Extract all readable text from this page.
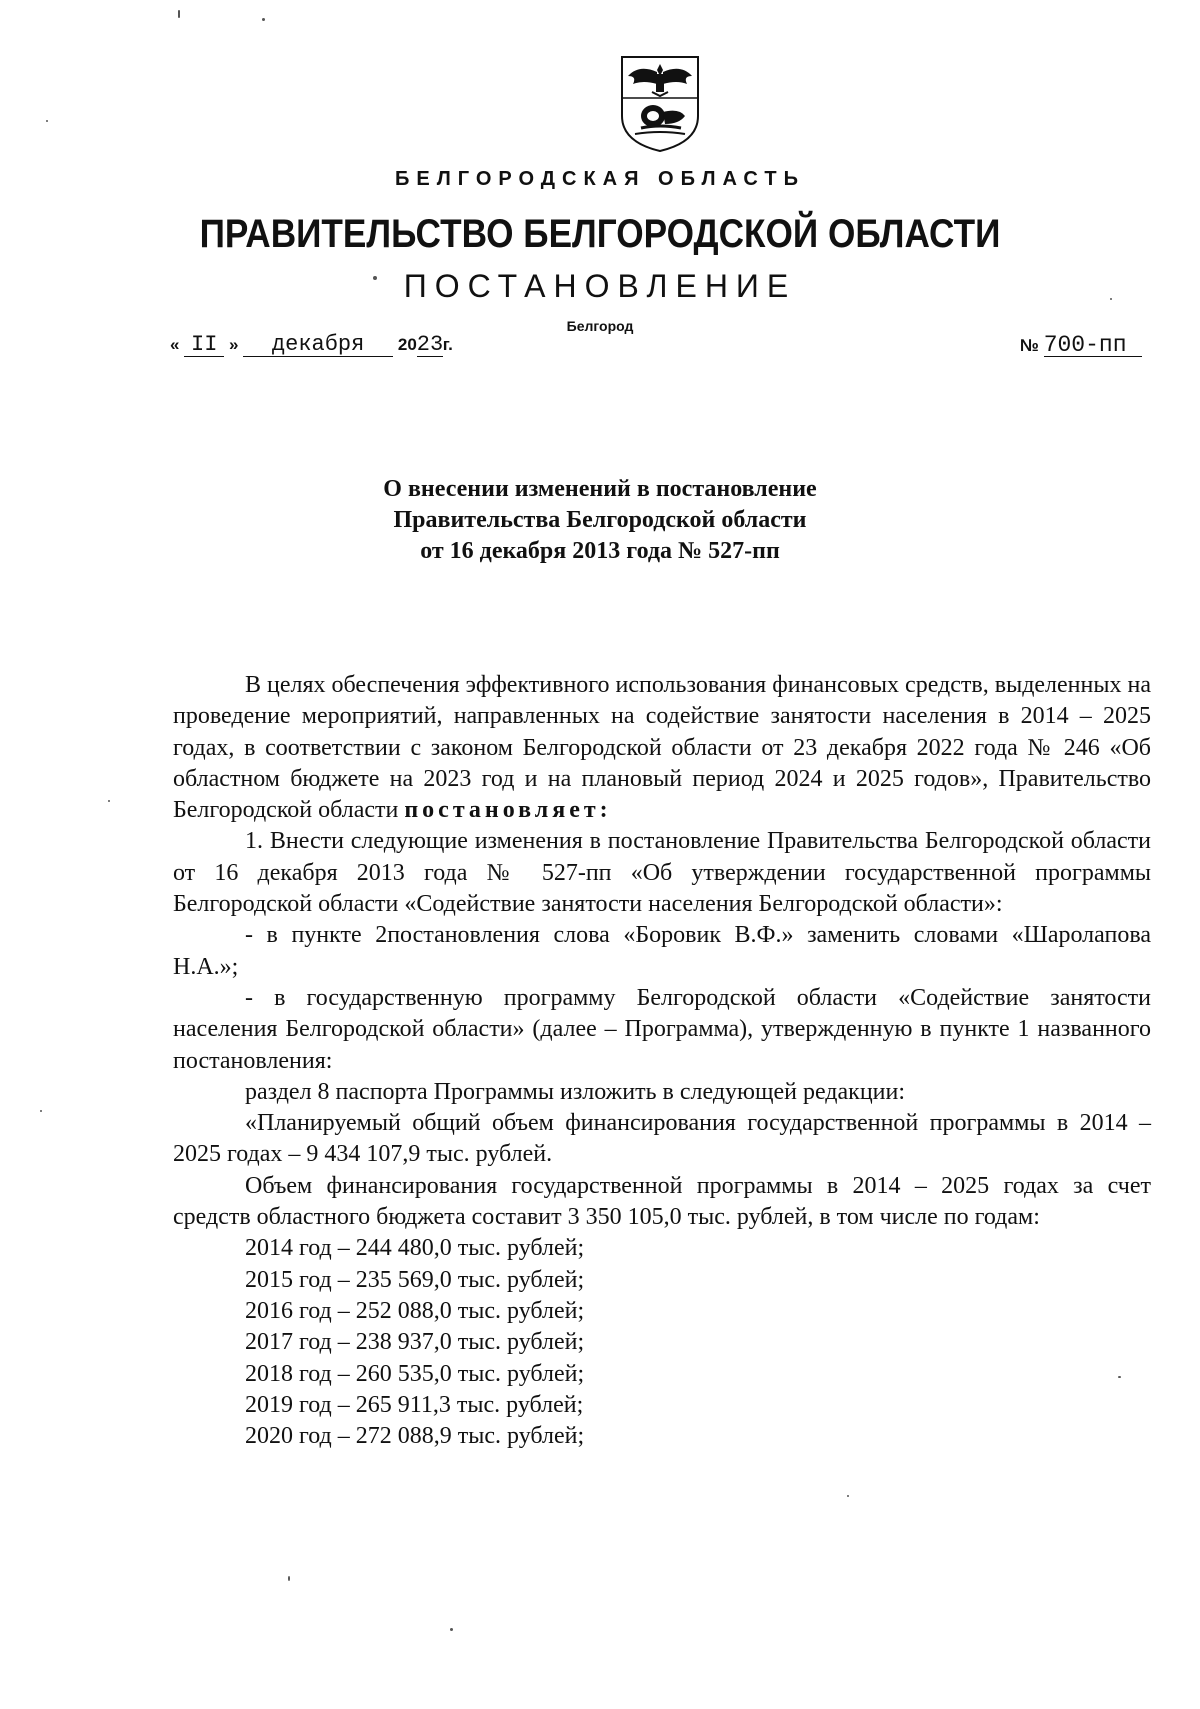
БЕЛГОРОДСКАЯ ОБЛАСТЬ
ПРАВИТЕЛЬСТВО БЕЛГОРОДСКОЙ ОБЛАСТИ
ПОСТАНОВЛЕНИЕ
Белгород
« II » декабря 2023г.	№ 700-пп
О внесении изменений в постановление
Правительства Белгородской области
от 16 декабря 2013 года № 527-пп

В целях обеспечения эффективного использования финансовых средств, выделенных на проведение мероприятий, направленных на содействие занятости населения в 2014 – 2025 годах, в соответствии с законом Белгородской области от 23 декабря 2022 года № 246 «Об областном бюджете на 2023 год и на плановый период 2024 и 2025 годов», Правительство Белгородской области постановляет:

1. Внести следующие изменения в постановление Правительства Белгородской области от 16 декабря 2013 года № 527-пп «Об утверждении государственной программы Белгородской области «Содействие занятости населения Белгородской области»:

- в пункте 2постановления слова «Боровик В.Ф.» заменить словами «Шаролапова Н.А.»;

- в государственную программу Белгородской области «Содействие занятости населения Белгородской области» (далее – Программа), утвержденную в пункте 1 названного постановления:

раздел 8 паспорта Программы изложить в следующей редакции:

«Планируемый общий объем финансирования государственной программы в 2014 – 2025 годах – 9 434 107,9 тыс. рублей.

Объем финансирования государственной программы в 2014 – 2025 годах за счет средств областного бюджета составит 3 350 105,0 тыс. рублей, в том числе по годам:

2014 год – 244 480,0 тыс. рублей;
2015 год – 235 569,0 тыс. рублей;
2016 год – 252 088,0 тыс. рублей;
2017 год – 238 937,0 тыс. рублей;
2018 год – 260 535,0 тыс. рублей;
2019 год – 265 911,3 тыс. рублей;
2020 год – 272 088,9 тыс. рублей;
